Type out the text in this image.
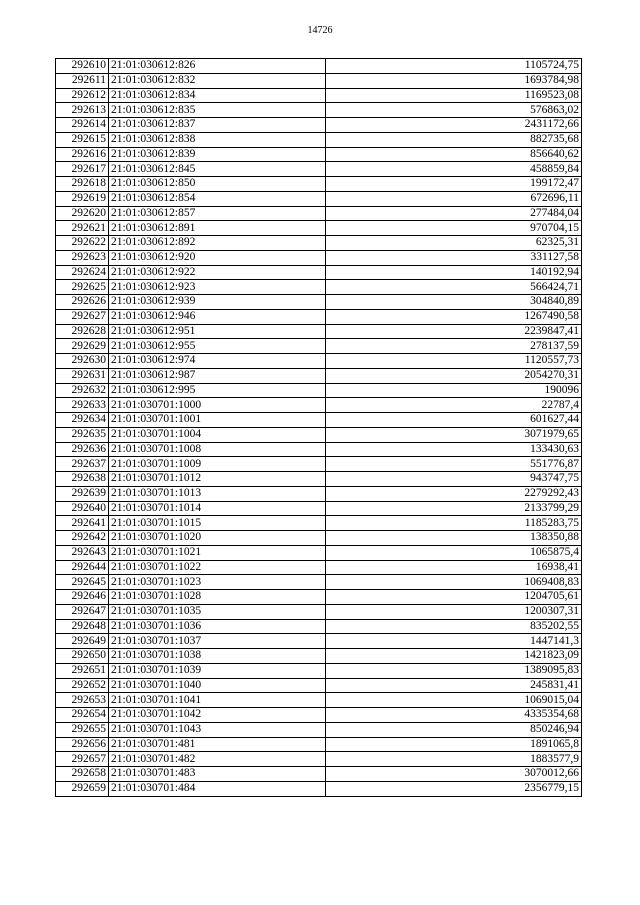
14726
292610	21:01:030612:826	1105724,75
292611	21:01:030612:832	1693784,98
292612	21:01:030612:834	1169523,08
292613	21:01:030612:835	576863,02
292614	21:01:030612:837	2431172,66
292615	21:01:030612:838	882735,68
292616	21:01:030612:839	856640,62
292617	21:01:030612:845	458859,84
292618	21:01:030612:850	199172,47
292619	21:01:030612:854	672696,11
292620	21:01:030612:857	277484,04
292621	21:01:030612:891	970704,15
292622	21:01:030612:892	62325,31
292623	21:01:030612:920	331127,58
292624	21:01:030612:922	140192,94
292625	21:01:030612:923	566424,71
292626	21:01:030612:939	304840,89
292627	21:01:030612:946	1267490,58
292628	21:01:030612:951	2239847,41
292629	21:01:030612:955	278137,59
292630	21:01:030612:974	1120557,73
292631	21:01:030612:987	2054270,31
292632	21:01:030612:995	190096
292633	21:01:030701:1000	22787,4
292634	21:01:030701:1001	601627,44
292635	21:01:030701:1004	3071979,65
292636	21:01:030701:1008	133430,63
292637	21:01:030701:1009	551776,87
292638	21:01:030701:1012	943747,75
292639	21:01:030701:1013	2279292,43
292640	21:01:030701:1014	2133799,29
292641	21:01:030701:1015	1185283,75
292642	21:01:030701:1020	138350,88
292643	21:01:030701:1021	1065875,4
292644	21:01:030701:1022	16938,41
292645	21:01:030701:1023	1069408,83
292646	21:01:030701:1028	1204705,61
292647	21:01:030701:1035	1200307,31
292648	21:01:030701:1036	835202,55
292649	21:01:030701:1037	1447141,3
292650	21:01:030701:1038	1421823,09
292651	21:01:030701:1039	1389095,83
292652	21:01:030701:1040	245831,41
292653	21:01:030701:1041	1069015,04
292654	21:01:030701:1042	4335354,68
292655	21:01:030701:1043	850246,94
292656	21:01:030701:481	1891065,8
292657	21:01:030701:482	1883577,9
292658	21:01:030701:483	3070012,66
292659	21:01:030701:484	2356779,15
